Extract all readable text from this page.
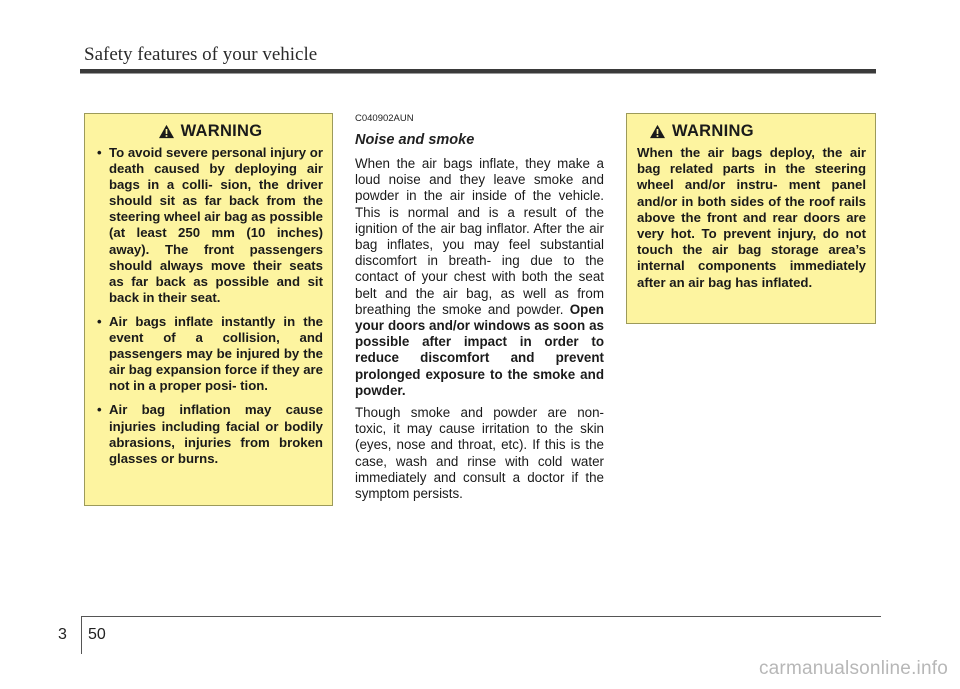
Safety features of your vehicle
WARNING
• To avoid severe personal injury or death caused by deploying air bags in a colli- sion, the driver should sit as far back from the steering wheel air bag as possible (at least 250 mm (10 inches) away). The front passengers should always move their seats as far back as possible and sit back in their seat.
• Air bags inflate instantly in the event of a collision, and passengers may be injured by the air bag expansion force if they are not in a proper posi- tion.
• Air bag inflation may cause injuries including facial or bodily abrasions, injuries from broken glasses or burns.
C040902AUN
Noise and smoke

When the air bags inflate, they make a loud noise and they leave smoke and powder in the air inside of the vehicle. This is normal and is a result of the ignition of the air bag inflator. After the air bag inflates, you may feel substantial discomfort in breath- ing due to the contact of your chest with both the seat belt and the air bag, as well as from breathing the smoke and powder. Open your doors and/or windows as soon as possible after impact in order to reduce discomfort and prevent prolonged exposure to the smoke and powder.

Though smoke and powder are non- toxic, it may cause irritation to the skin (eyes, nose and throat, etc). If this is the case, wash and rinse with cold water immediately and consult a doctor if the symptom persists.

WARNING

When the air bags deploy, the air bag related parts in the steering wheel and/or instru- ment panel and/or in both sides of the roof rails above the front and rear doors are very hot. To prevent injury, do not touch the air bag storage area’s internal components immediately after an air bag has inflated.

3 50
carmanualsonline.info
